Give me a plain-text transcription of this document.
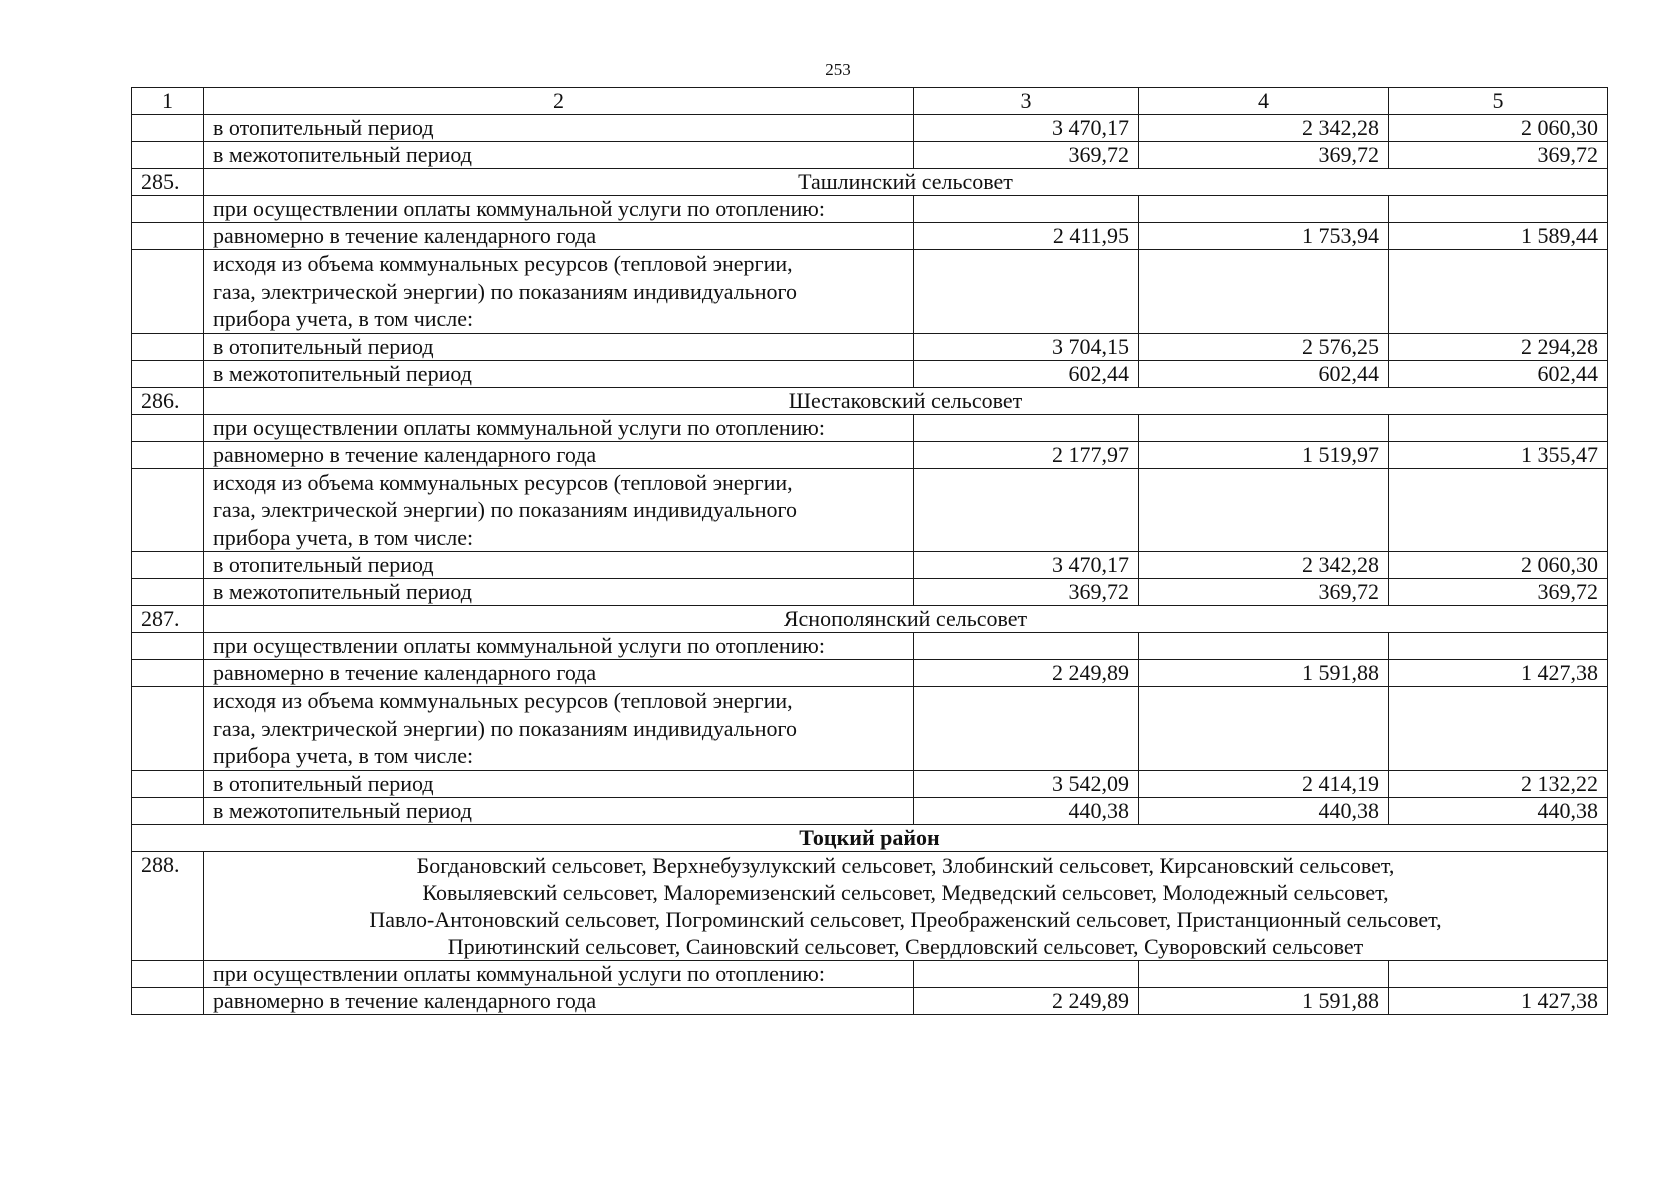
253
1	2	3	4	5
	в отопительный период	3 470,17	2 342,28	2 060,30
	в межотопительный период	369,72	369,72	369,72
285.	Ташлинский сельсовет			
	при осуществлении оплаты коммунальной услуги по отоплению:			
	равномерно в течение календарного года	2 411,95	1 753,94	1 589,44

	исходя из объема коммунальных ресурсов (тепловой энергии,
газа, электрической энергии) по показаниям индивидуального
прибора учета, в том числе:			

	в отопительный период	3 704,15	2 576,25	2 294,28
	в межотопительный период	602,44	602,44	602,44
286.	Шестаковский сельсовет			
	при осуществлении оплаты коммунальной услуги по отоплению:			
	равномерно в течение календарного года	2 177,97	1 519,97	1 355,47

	исходя из объема коммунальных ресурсов (тепловой энергии,
газа, электрической энергии) по показаниям индивидуального
прибора учета, в том числе:			

	в отопительный период	3 470,17	2 342,28	2 060,30
	в межотопительный период	369,72	369,72	369,72
287.	Яснополянский сельсовет			
	при осуществлении оплаты коммунальной услуги по отоплению:			
	равномерно в течение календарного года	2 249,89	1 591,88	1 427,38

	исходя из объема коммунальных ресурсов (тепловой энергии,
газа, электрической энергии) по показаниям индивидуального
прибора учета, в том числе:			

	в отопительный период	3 542,09	2 414,19	2 132,22
	в межотопительный период	440,38	440,38	440,38
Тоцкий район				
288.	Богдановский сельсовет, Верхнебузулукский сельсовет, Злобинский сельсовет, Кирсановский сельсовет,
Ковыляевский сельсовет, Малоремизенский сельсовет, Медведский сельсовет, Молодежный сельсовет,
Павло-Антоновский сельсовет, Погроминский сельсовет, Преображенский сельсовет, Пристанционный сельсовет,
Приютинский сельсовет, Саиновский сельсовет, Свердловский сельсовет, Суворовский сельсовет			

	при осуществлении оплаты коммунальной услуги по отоплению:			
	равномерно в течение календарного года	2 249,89	1 591,88	1 427,38
